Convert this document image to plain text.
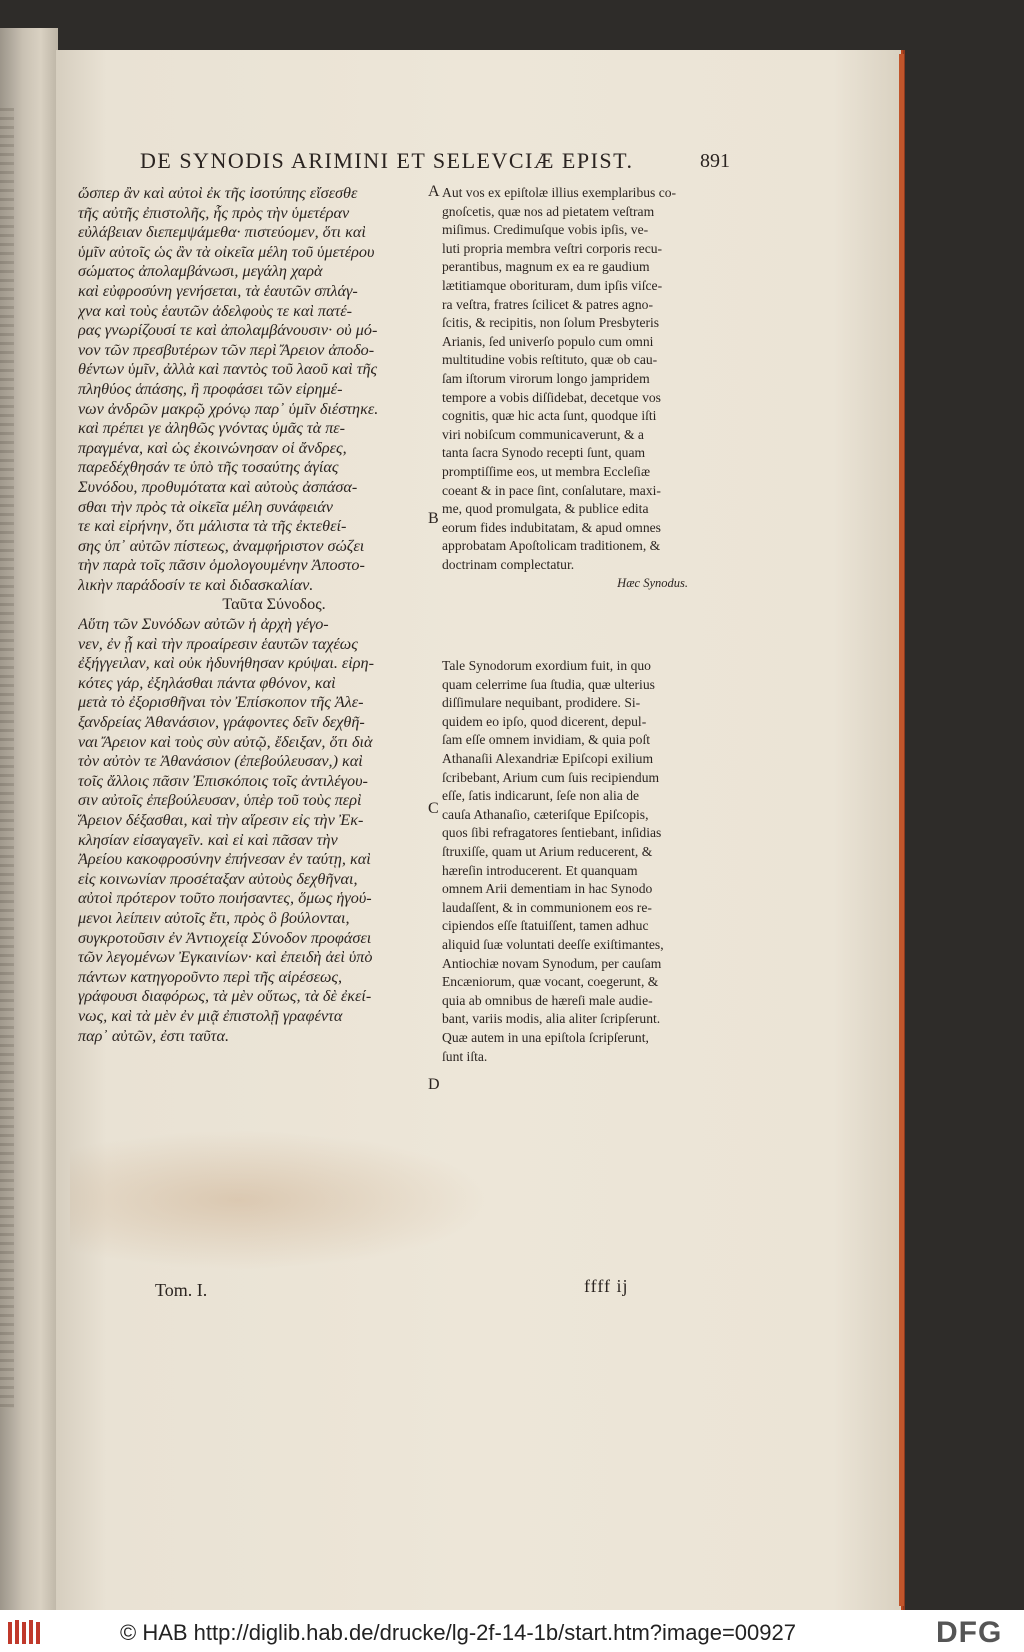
DE SYNODIS ARIMINI ET SELEVCIÆ EPIST.	891
ὥσπερ ἂν καὶ αὐτοὶ ἐκ τῆς ἰσοτύπης εἴσεσθε
τῆς αὐτῆς ἐπιστολῆς, ἧς πρὸς τὴν ὑμετέραν
εὐλάβειαν διεπεμψάμεθα· πιστεύομεν, ὅτι καὶ
ὑμῖν αὐτοῖς ὡς ἂν τὰ οἰκεῖα μέλη τοῦ ὑμετέρου
σώματος ἀπολαμβάνωσι, μεγάλη χαρὰ
καὶ εὐφροσύνη γενήσεται, τὰ ἑαυτῶν σπλάγ-
χνα καὶ τοὺς ἑαυτῶν ἀδελφοὺς τε καὶ πατέ-
ρας γνωρίζουσί τε καὶ ἀπολαμβάνουσιν· οὐ μό-
νον τῶν πρεσβυτέρων τῶν περὶ Ἄρειον ἀποδο-
θέντων ὑμῖν, ἀλλὰ καὶ παντὸς τοῦ λαοῦ καὶ τῆς
πληθύος ἁπάσης, ἢ προφάσει τῶν εἰρημέ-
νων ἀνδρῶν μακρῷ χρόνῳ παρ᾿ ὑμῖν διέστηκε.
καὶ πρέπει γε ἀληθῶς γνόντας ὑμᾶς τὰ πε-
πραγμένα, καὶ ὡς ἐκοινώνησαν οἱ ἄνδρες,
παρεδέχθησάν τε ὑπὸ τῆς τοσαύτης ἁγίας
Συνόδου, προθυμότατα καὶ αὐτοὺς ἀσπάσα-
σθαι τὴν πρὸς τὰ οἰκεῖα μέλη συνάφειάν
τε καὶ εἰρήνην, ὅτι μάλιστα τὰ τῆς ἐκτεθεί-
σης ὑπ᾿ αὐτῶν πίστεως, ἀναμφήριστον σώζει
τὴν παρὰ τοῖς πᾶσιν ὁμολογουμένην Ἀποστο-
λικὴν παράδοσίν τε καὶ διδασκαλίαν.
Ταῦτα Σύνοδος.
Αὕτη τῶν Συνόδων αὐτῶν ἡ ἀρχὴ γέγο-
νεν, ἐν ᾗ καὶ τὴν προαίρεσιν ἑαυτῶν ταχέως
ἐξήγγειλαν, καὶ οὐκ ἠδυνήθησαν κρύψαι. εἰρη-
κότες γάρ, ἐξηλάσθαι πάντα φθόνον, καὶ
μετὰ τὸ ἐξορισθῆναι τὸν Ἐπίσκοπον τῆς Ἀλε-
ξανδρείας Ἀθανάσιον, γράφοντες δεῖν δεχθῆ-
ναι Ἄρειον καὶ τοὺς σὺν αὐτῷ, ἔδειξαν, ὅτι διὰ
τὸν αὐτὸν τε Ἀθανάσιον (ἐπεβούλευσαν,) καὶ
τοῖς ἄλλοις πᾶσιν Ἐπισκόποις τοῖς ἀντιλέγου-
σιν αὐτοῖς ἐπεβούλευσαν, ὑπὲρ τοῦ τοὺς περὶ
Ἄρειον δέξασθαι, καὶ τὴν αἵρεσιν εἰς τὴν Ἐκ-
κλησίαν εἰσαγαγεῖν. καὶ εἰ καὶ πᾶσαν τὴν
Ἀρείου κακοφροσύνην ἐπήνεσαν ἐν ταύτῃ, καὶ
εἰς κοινωνίαν προσέταξαν αὐτοὺς δεχθῆναι,
αὐτοὶ πρότερον τοῦτο ποιήσαντες, ὅμως ἡγού-
μενοι λείπειν αὐτοῖς ἔτι, πρὸς ὃ βούλονται,
συγκροτοῦσιν ἐν Ἀντιοχείᾳ Σύνοδον προφάσει
τῶν λεγομένων Ἐγκαινίων· καὶ ἐπειδὴ ἀεὶ ὑπὸ
πάντων κατηγοροῦντο περὶ τῆς αἱρέσεως,
γράφουσι διαφόρως, τὰ μὲν οὕτως, τὰ δὲ ἐκεί-
νως, καὶ τὰ μὲν ἐν μιᾷ ἐπιστολῇ γραφέντα
παρ᾿ αὐτῶν, ἐστι ταῦτα.
Aut vos ex epiſtolæ illius exemplaribus co-
gnoſcetis, quæ nos ad pietatem veſtram
miſimus. Credimuſque vobis ipſis, ve-
luti propria membra veſtri corporis recu-
perantibus, magnum ex ea re gaudium
lætitiamque oborituram, dum ipſis viſce-
ra veſtra, fratres ſcilicet & patres agno-
ſcitis, & recipitis, non ſolum Presbyteris
Arianis, ſed univerſo populo cum omni
multitudine vobis reſtituto, quæ ob cau-
ſam iſtorum virorum longo jampridem
tempore a vobis diſſidebat, decetque vos
cognitis, quæ hic acta ſunt, quodque iſti
viri nobiſcum communicaverunt, & a
tanta ſacra Synodo recepti ſunt, quam
promptiſſime eos, ut membra Eccleſiæ
coeant & in pace ſint, conſalutare, maxi-
me, quod promulgata, & publice edita
eorum fides indubitatam, & apud omnes
approbatam Apoſtolicam traditionem, &
doctrinam complectatur.
Hæc Synodus.
Tale Synodorum exordium fuit, in quo
quam celerrime ſua ſtudia, quæ ulterius
diſſimulare nequibant, prodidere. Si-
quidem eo ipſo, quod dicerent, depul-
ſam eſſe omnem invidiam, & quia poſt
Athanaſii Alexandriæ Epiſcopi exilium
ſcribebant, Arium cum ſuis recipiendum
eſſe, ſatis indicarunt, ſeſe non alia de
cauſa Athanaſio, cæteriſque Epiſcopis,
quos ſibi refragatores ſentiebant, inſidias
ſtruxiſſe, quam ut Arium reducerent, &
hæreſin introducerent. Et quanquam
omnem Arii dementiam in hac Synodo
laudaſſent, & in communionem eos re-
cipiendos eſſe ſtatuiſſent, tamen adhuc
aliquid ſuæ voluntati deeſſe exiſtimantes,
Antiochiæ novam Synodum, per cauſam
Encæniorum, quæ vocant, coegerunt, &
quia ab omnibus de hæreſi male audie-
bant, variis modis, alia aliter ſcripſerunt.
Quæ autem in una epiſtola ſcripſerunt,
ſunt iſta.
A
B
C
D
Tom. I.	ffff ij
© HAB http://diglib.hab.de/drucke/lg-2f-14-1b/start.htm?image=00927	DFG
